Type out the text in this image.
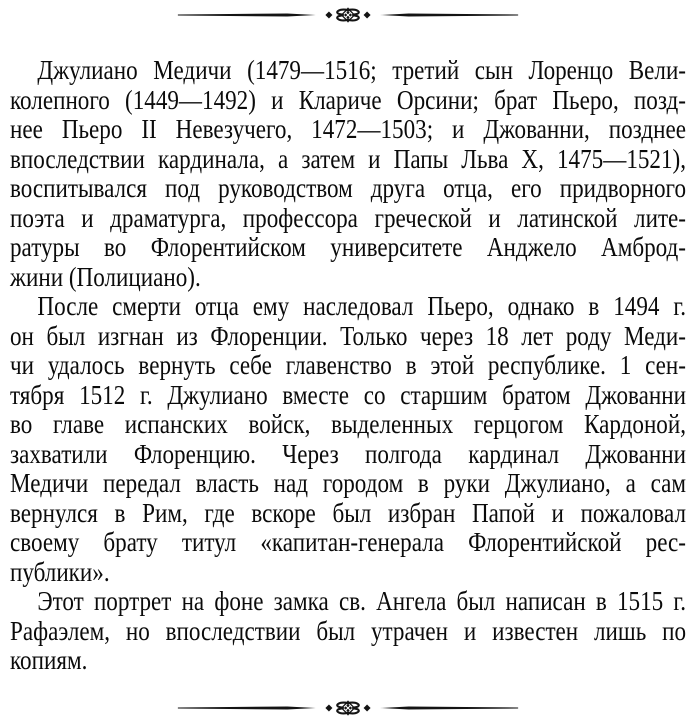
Джулиано Медичи (1479—1516; третий сын Лоренцо Вели-
колепного (1449—1492) и Клариче Орсини; брат Пьеро, позд-
нее Пьеро II Невезучего, 1472—1503; и Джованни, позднее
впоследствии кардинала, а затем и Папы Льва X, 1475—1521),
воспитывался под руководством друга отца, его придворного
поэта и драматурга, профессора греческой и латинской лите-
ратуры во Флорентийском университете Анджело Амброд-
жини (Полициано).
После смерти отца ему наследовал Пьеро, однако в 1494 г.
он был изгнан из Флоренции. Только через 18 лет роду Меди-
чи удалось вернуть себе главенство в этой республике. 1 сен-
тября 1512 г. Джулиано вместе со старшим братом Джованни
во главе испанских войск, выделенных герцогом Кардоной,
захватили Флоренцию. Через полгода кардинал Джованни
Медичи передал власть над городом в руки Джулиано, а сам
вернулся в Рим, где вскоре был избран Папой и пожаловал
своему брату титул «капитан-генерала Флорентийской рес-
публики».
Этот портрет на фоне замка св. Ангела был написан в 1515 г.
Рафаэлем, но впоследствии был утрачен и известен лишь по
копиям.
